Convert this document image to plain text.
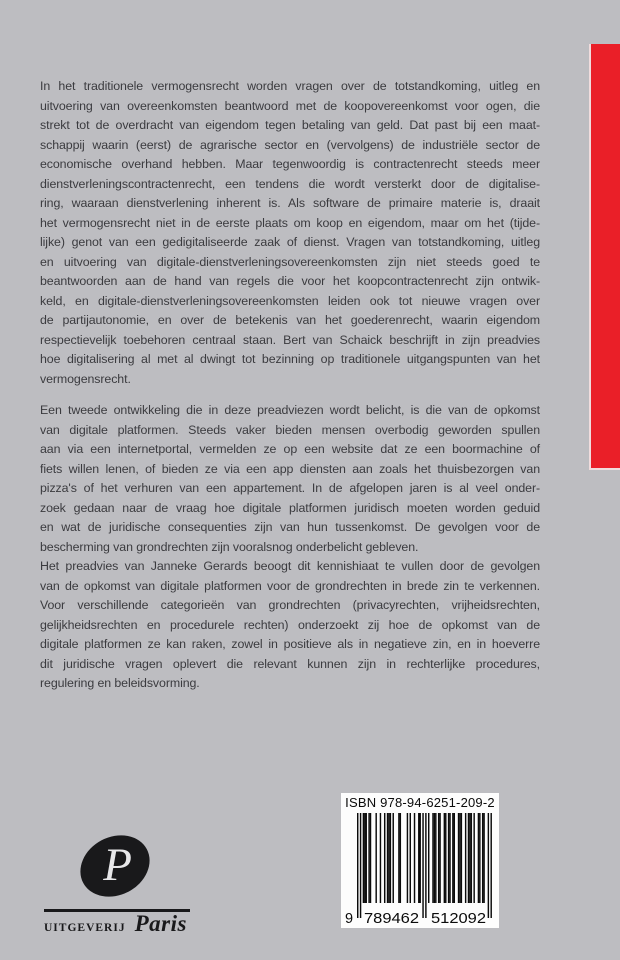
In het traditionele vermogensrecht worden vragen over de totstandkoming, uitleg en
uitvoering van overeenkomsten beantwoord met de koopovereenkomst voor ogen, die
strekt tot de overdracht van eigendom tegen betaling van geld. Dat past bij een maat-
schappij waarin (eerst) de agrarische sector en (vervolgens) de industriële sector de
economische overhand hebben. Maar tegenwoordig is contractenrecht steeds meer
dienstverleningscontractenrecht, een tendens die wordt versterkt door de digitalise-
ring, waaraan dienstverlening inherent is. Als software de primaire materie is, draait
het vermogensrecht niet in de eerste plaats om koop en eigendom, maar om het (tijde-
lijke) genot van een gedigitaliseerde zaak of dienst. Vragen van totstandkoming, uitleg
en uitvoering van digitale-dienstverleningsovereenkomsten zijn niet steeds goed te
beantwoorden aan de hand van regels die voor het koopcontractenrecht zijn ontwik-
keld, en digitale-dienstverleningsovereenkomsten leiden ook tot nieuwe vragen over
de partijautonomie, en over de betekenis van het goederenrecht, waarin eigendom
respectievelijk toebehoren centraal staan. Bert van Schaick beschrijft in zijn preadvies
hoe digitalisering al met al dwingt tot bezinning op traditionele uitgangspunten van het
vermogensrecht.
Een tweede ontwikkeling die in deze preadviezen wordt belicht, is die van de opkomst
van digitale platformen. Steeds vaker bieden mensen overbodig geworden spullen
aan via een internetportal, vermelden ze op een website dat ze een boormachine of
fiets willen lenen, of bieden ze via een app diensten aan zoals het thuisbezorgen van
pizza's of het verhuren van een appartement. In de afgelopen jaren is al veel onder-
zoek gedaan naar de vraag hoe digitale platformen juridisch moeten worden geduid
en wat de juridische consequenties zijn van hun tussenkomst. De gevolgen voor de
bescherming van grondrechten zijn vooralsnog onderbelicht gebleven.
Het preadvies van Janneke Gerards beoogt dit kennishiaat te vullen door de gevolgen
van de opkomst van digitale platformen voor de grondrechten in brede zin te verkennen.
Voor verschillende categorieën van grondrechten (privacyrechten, vrijheidsrechten,
gelijkheidsrechten en procedurele rechten) onderzoekt zij hoe de opkomst van de
digitale platformen ze kan raken, zowel in positieve als in negatieve zin, en in hoeverre
dit juridische vragen oplevert die relevant kunnen zijn in rechterlijke procedures,
regulering en beleidsvorming.
P
UITGEVERIJ Paris	9 789462 512092
ISBN 978-94-6251-209-2
